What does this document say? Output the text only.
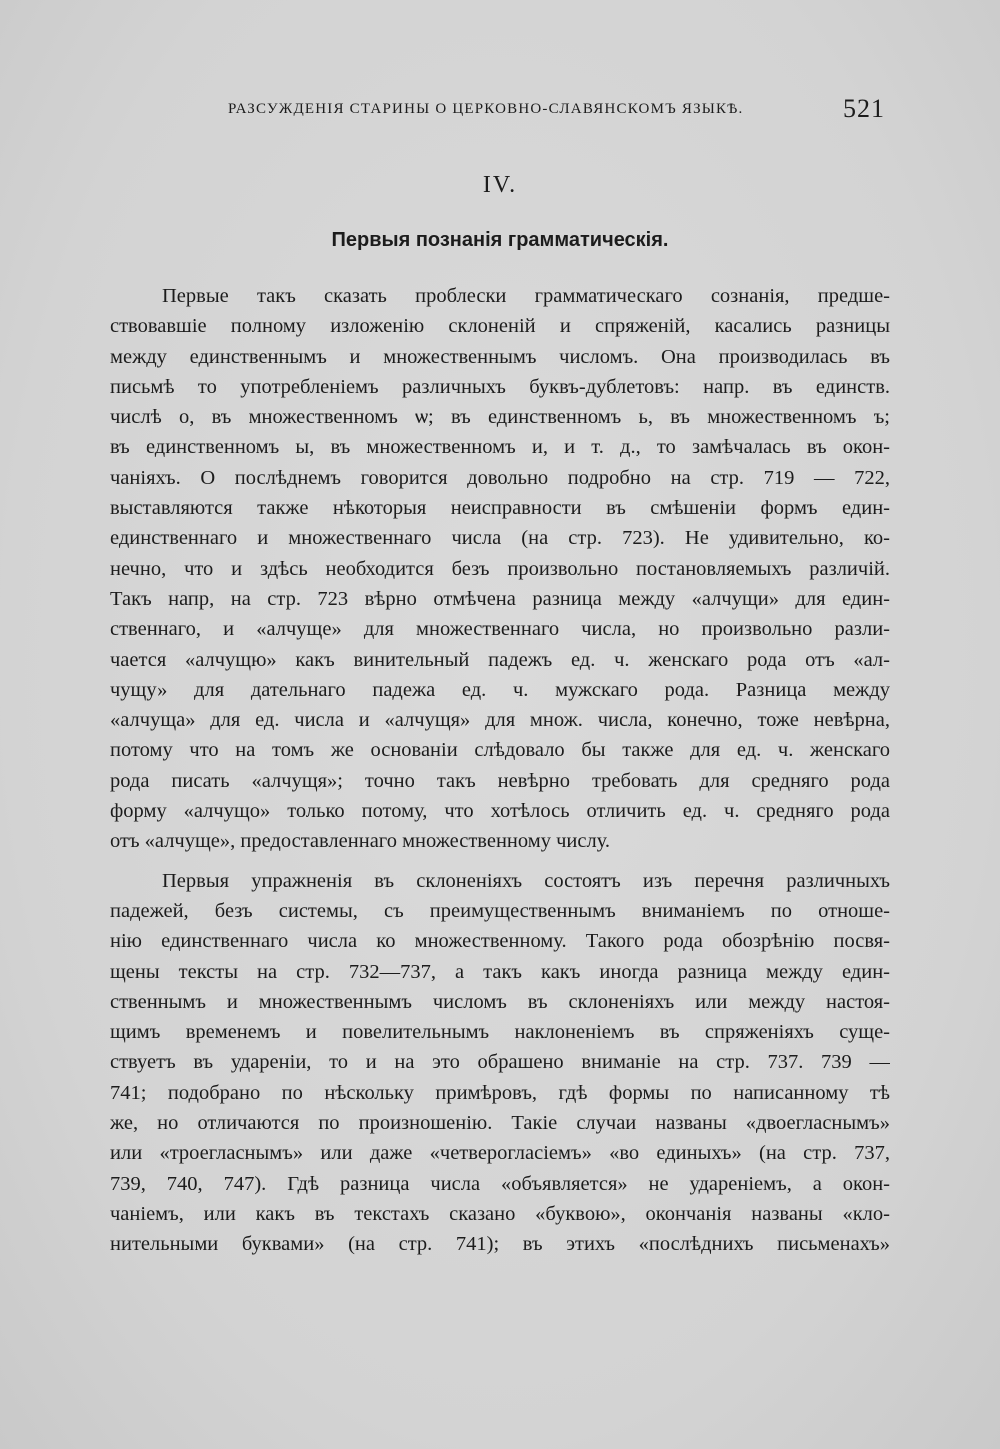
РАЗСУЖДЕНІЯ СТАРИНЫ О ЦЕРКОВНО-СЛАВЯНСКОМЪ ЯЗЫКѢ.	521
IV.
Первыя познанія грамматическія.
Первые такъ сказать проблески грамматическаго сознанія, предше-
ствовавшіе полному изложенію склоненій и спряженій, касались разницы
между единственнымъ и множественнымъ числомъ. Она производилась въ
письмѣ то употребленіемъ различныхъ буквъ-дублетовъ: напр. въ единств.
числѣ о, въ множественномъ ѡ; въ единственномъ ь, въ множественномъ ъ;
въ единственномъ ы, въ множественномъ и, и т. д., то замѣчалась въ окон-
чаніяхъ. О послѣднемъ говорится довольно подробно на стр. 719 — 722,
выставляются также нѣкоторыя неисправности въ смѣшеніи формъ един-
единственнаго и множественнаго числа (на стр. 723). Не удивительно, ко-
нечно, что и здѣсь необходится безъ произвольно постановляемыхъ различій.
Такъ напр, на стр. 723 вѣрно отмѣчена разница между «алчущи» для един-
ственнаго, и «алчуще» для множественнаго числа, но произвольно разли-
чается «алчущю» какъ винительный падежъ ед. ч. женскаго рода отъ «ал-
чущу» для дательнаго падежа ед. ч. мужскаго рода. Разница между
«алчуща» для ед. числа и «алчущя» для множ. числа, конечно, тоже невѣрна,
потому что на томъ же основаніи слѣдовало бы также для ед. ч. женскаго
рода писать «алчущя»; точно такъ невѣрно требовать для средняго рода
форму «алчущо» только потому, что хотѣлось отличить ед. ч. средняго рода
отъ «алчуще», предоставленнаго множественному числу.
Первыя упражненія въ склоненіяхъ состоятъ изъ перечня различныхъ
падежей, безъ системы, съ преимущественнымъ вниманіемъ по отноше-
нію единственнаго числа ко множественному. Такого рода обозрѣнію посвя-
щены тексты на стр. 732—737, а такъ какъ иногда разница между един-
ственнымъ и множественнымъ числомъ въ склоненіяхъ или между настоя-
щимъ временемъ и повелительнымъ наклоненіемъ въ спряженіяхъ суще-
ствуетъ въ удареніи, то и на это обрашено вниманіе на стр. 737. 739 —
741; подобрано по нѣскольку примѣровъ, гдѣ формы по написанному тѣ
же, но отличаются по произношенію. Такіе случаи названы «двоегласнымъ»
или «троегласнымъ» или даже «четверогласіемъ» «во единыхъ» (на стр. 737,
739, 740, 747). Гдѣ разница числа «объявляется» не удареніемъ, а окон-
чаніемъ, или какъ въ текстахъ сказано «буквою», окончанія названы «кло-
нительными буквами» (на стр. 741); въ этихъ «послѣднихъ письменахъ»
